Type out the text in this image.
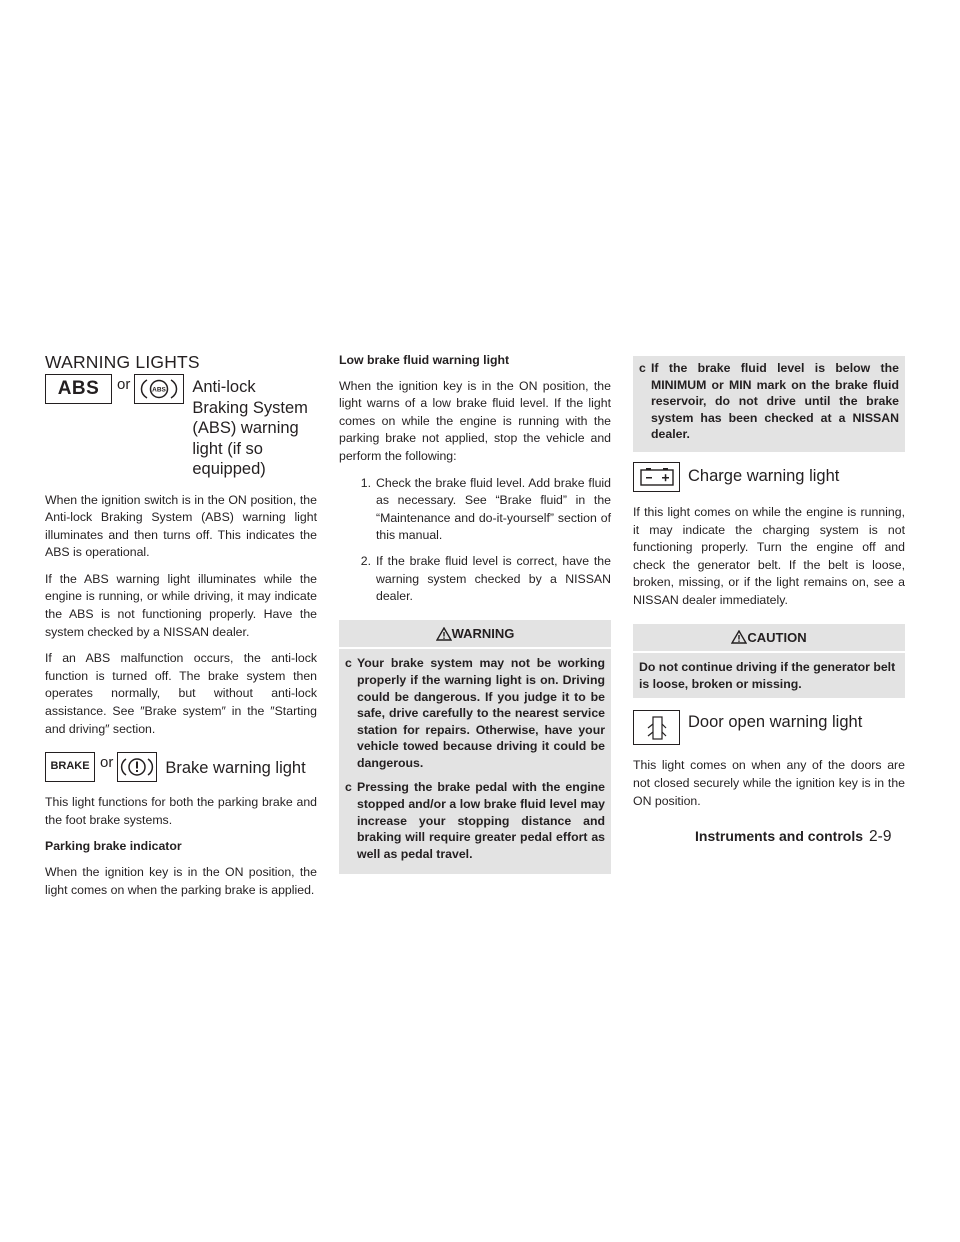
WARNING LIGHTS
ABS	or	ABS Anti-lock Braking System (ABS) warning light (if so equipped)

When the ignition switch is in the ON position, the Anti-lock Braking System (ABS) warning light illuminates and then turns off. This indicates the ABS is operational.

If the ABS warning light illuminates while the engine is running, or while driving, it may indicate the ABS is not functioning properly. Have the system checked by a NISSAN dealer.

If an ABS malfunction occurs, the anti-lock function is turned off. The brake system then operates normally, but without anti-lock assistance. See ″Brake system″ in the ″Starting and driving″ section.

BRAKE or	Brake warning light

This light functions for both the parking brake and the foot brake systems.

Parking brake indicator

When the ignition key is in the ON position, the light comes on when the parking brake is applied.

Low brake fluid warning light

When the ignition key is in the ON position, the light warns of a low brake fluid level. If the light comes on while the engine is running with the parking brake not applied, stop the vehicle and perform the following:

1. Check the brake fluid level. Add brake fluid as necessary. See “Brake fluid” in the “Maintenance and do-it-yourself” section of this manual.
2. If the brake fluid level is correct, have the warning system checked by a NISSAN dealer.
WARNING
c Your brake system may not be working properly if the warning light is on. Driving could be dangerous. If you judge it to be safe, drive carefully to the nearest service station for repairs. Otherwise, have your vehicle towed because driving it could be dangerous.
c Pressing the brake pedal with the engine stopped and/or a low brake fluid level may increase your stopping distance and braking will require greater pedal effort as well as pedal travel.
c If the brake fluid level is below the MINIMUM or MIN mark on the brake fluid reservoir, do not drive until the brake system has been checked at a NISSAN dealer.
Charge warning light

If this light comes on while the engine is running, it may indicate the charging system is not functioning properly. Turn the engine off and check the generator belt. If the belt is loose, broken, missing, or if the light remains on, see a NISSAN dealer immediately.

CAUTION
Do not continue driving if the generator belt is loose, broken or missing.
Door open warning light

This light comes on when any of the doors are not closed securely while the ignition key is in the ON position.

Instruments and controls 2-9
